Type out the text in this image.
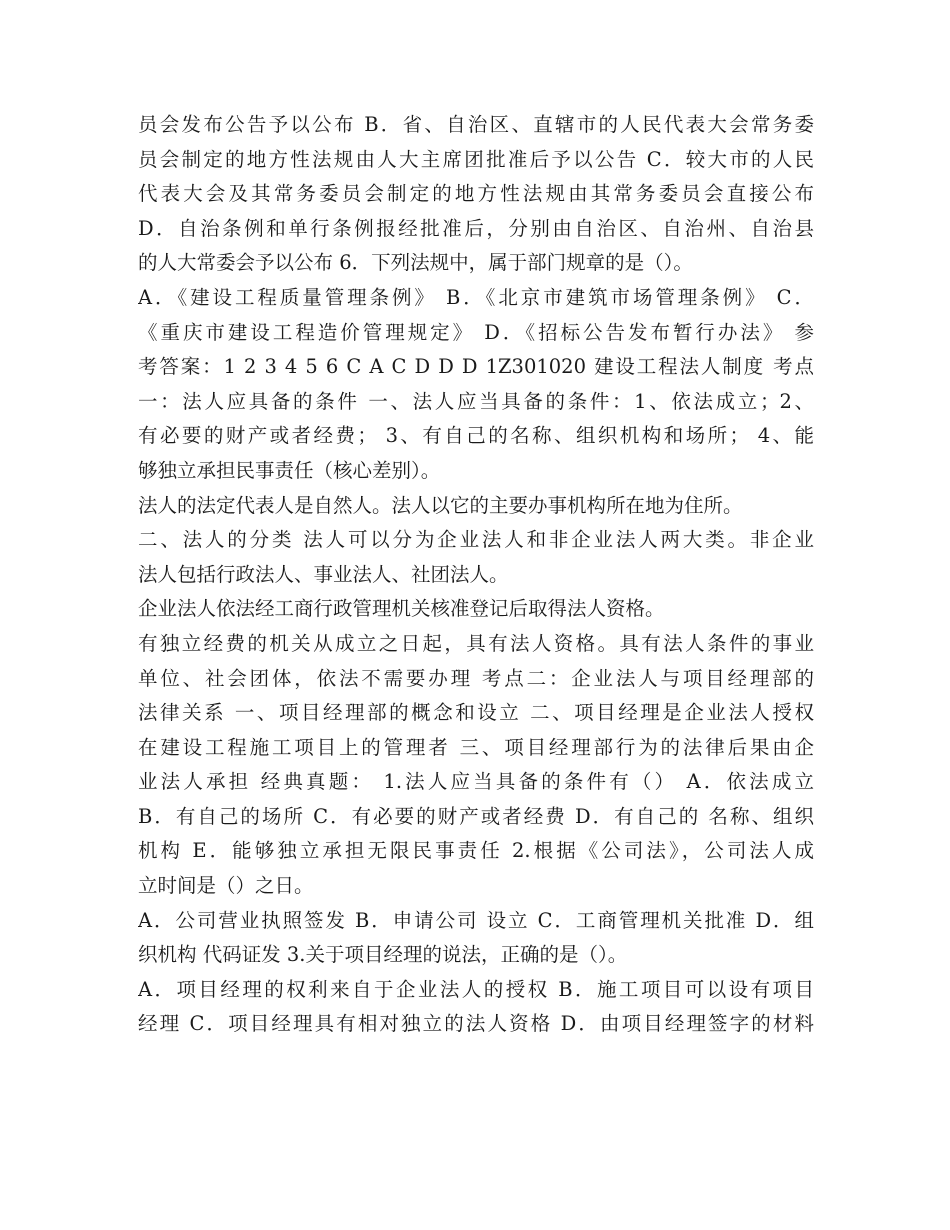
员会发布公告予以公布 B．省、自治区、直辖市的人民代表大会常务委
员会制定的地方性法规由人大主席团批准后予以公告 C．较大市的人民
代表大会及其常务委员会制定的地方性法规由其常务委员会直接公布
D．自治条例和单行条例报经批准后，分别由自治区、自治州、自治县
的人大常委会予以公布 6．下列法规中，属于部门规章的是（）。
A．《建设工程质量管理条例》 B．《北京市建筑市场管理条例》 C．
《重庆市建设工程造价管理规定》 D．《招标公告发布暂行办法》 参
考答案：1 2 3 4 5 6 C A C D D D 1Z301020 建设工程法人制度 考点
一：法人应具备的条件 一、法人应当具备的条件：1、依法成立；2、
有必要的财产或者经费； 3、有自己的名称、组织机构和场所； 4、能
够独立承担民事责任（核心差别）。
法人的法定代表人是自然人。法人以它的主要办事机构所在地为住所。
二、法人的分类 法人可以分为企业法人和非企业法人两大类。非企业
法人包括行政法人、事业法人、社团法人。
企业法人依法经工商行政管理机关核准登记后取得法人资格。
有独立经费的机关从成立之日起，具有法人资格。具有法人条件的事业
单位、社会团体，依法不需要办理 考点二：企业法人与项目经理部的
法律关系 一、项目经理部的概念和设立 二、项目经理是企业法人授权
在建设工程施工项目上的管理者 三、项目经理部行为的法律后果由企
业法人承担 经典真题： 1.法人应当具备的条件有（） A．依法成立
B．有自己的场所 C．有必要的财产或者经费 D．有自己的 名称、组织
机构 E．能够独立承担无限民事责任 2.根据《公司法》，公司法人成
立时间是（）之日。
A．公司营业执照签发 B．申请公司 设立 C．工商管理机关批准 D．组
织机构 代码证发 3.关于项目经理的说法，正确的是（）。
A．项目经理的权利来自于企业法人的授权 B．施工项目可以设有项目
经理 C．项目经理具有相对独立的法人资格 D．由项目经理签字的材料
